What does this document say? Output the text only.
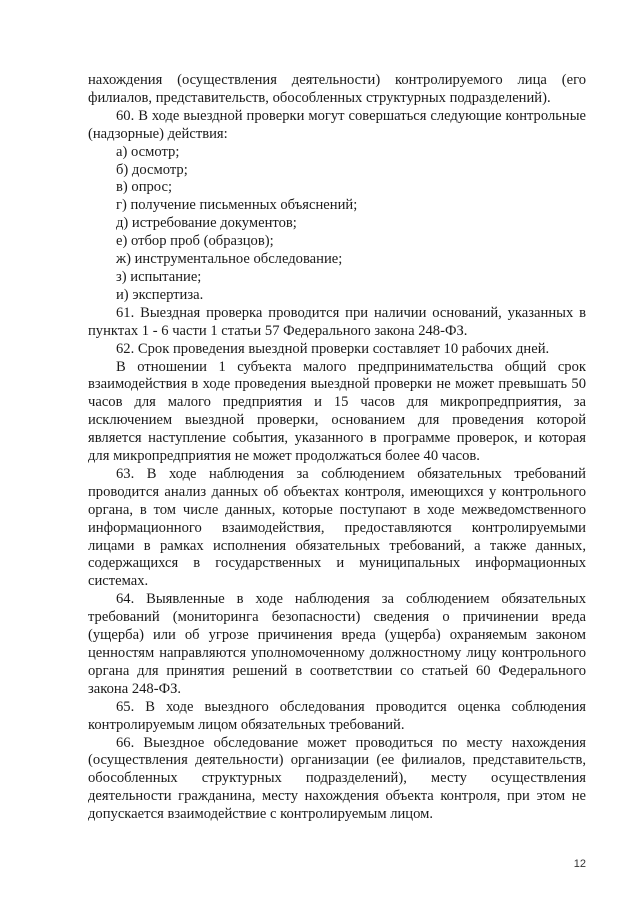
нахождения (осуществления деятельности) контролируемого лица (его филиалов, представительств, обособленных структурных подразделений).

60. В ходе выездной проверки могут совершаться следующие контрольные (надзорные) действия:

а) осмотр;

б) досмотр;

в) опрос;

г) получение письменных объяснений;

д) истребование документов;

е) отбор проб (образцов);

ж) инструментальное обследование;

з) испытание;

и) экспертиза.

61. Выездная проверка проводится при наличии оснований, указанных в пунктах 1 - 6 части 1 статьи 57 Федерального закона 248-ФЗ.

62. Срок проведения выездной проверки составляет 10 рабочих дней.

В отношении 1 субъекта малого предпринимательства общий срок взаимодействия в ходе проведения выездной проверки не может превышать 50 часов для малого предприятия и 15 часов для микропредприятия, за исключением выездной проверки, основанием для проведения которой является наступление события, указанного в программе проверок, и которая для микропредприятия не может продолжаться более 40 часов.

63. В ходе наблюдения за соблюдением обязательных требований проводится анализ данных об объектах контроля, имеющихся у контрольного органа, в том числе данных, которые поступают в ходе межведомственного информационного взаимодействия, предоставляются контролируемыми лицами в рамках исполнения обязательных требований, а также данных, содержащихся в государственных и муниципальных информационных системах.

64. Выявленные в ходе наблюдения за соблюдением обязательных требований (мониторинга безопасности) сведения о причинении вреда (ущерба) или об угрозе причинения вреда (ущерба) охраняемым законом ценностям направляются уполномоченному должностному лицу контрольного органа для принятия решений в соответствии со статьей 60 Федерального закона 248-ФЗ.

65. В ходе выездного обследования проводится оценка соблюдения контролируемым лицом обязательных требований.

66. Выездное обследование может проводиться по месту нахождения (осуществления деятельности) организации (ее филиалов, представительств, обособленных структурных подразделений), месту осуществления деятельности гражданина, месту нахождения объекта контроля, при этом не допускается взаимодействие с контролируемым лицом.

12
